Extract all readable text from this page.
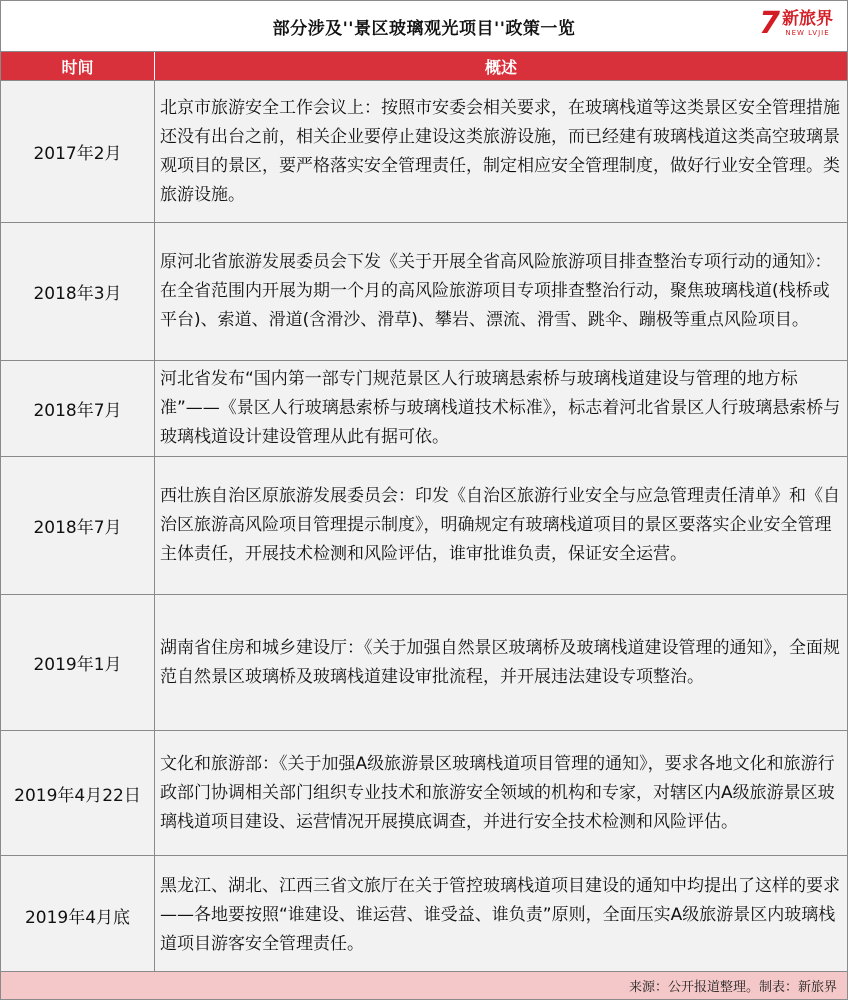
部分涉及''景区玻璃观光项目''政策一览	7 新旅界
NEW LVJIE
时间	概述
2017年2月
北京市旅游安全工作会议上：按照市安委会相关要求，在玻璃栈道等这类景区安全管理措施还没有出台之前，相关企业要停止建设这类旅游设施，而已经建有玻璃栈道这类高空玻璃景观项目的景区，要严格落实安全管理责任，制定相应安全管理制度，做好行业安全管理。类旅游设施。
2018年3月
原河北省旅游发展委员会下发《关于开展全省高风险旅游项目排查整治专项行动的通知》：在全省范围内开展为期一个月的高风险旅游项目专项排查整治行动，聚焦玻璃栈道(栈桥或平台)、索道、滑道(含滑沙、滑草)、攀岩、漂流、滑雪、跳伞、蹦极等重点风险项目。
2018年7月
河北省发布“国内第一部专门规范景区人行玻璃悬索桥与玻璃栈道建设与管理的地方标准”——《景区人行玻璃悬索桥与玻璃栈道技术标准》，标志着河北省景区人行玻璃悬索桥与玻璃栈道设计建设管理从此有据可依。
2018年7月
西壮族自治区原旅游发展委员会：印发《自治区旅游行业安全与应急管理责任清单》和《自治区旅游高风险项目管理提示制度》，明确规定有玻璃栈道项目的景区要落实企业安全管理主体责任，开展技术检测和风险评估，谁审批谁负责，保证安全运营。
2019年1月
湖南省住房和城乡建设厅：《关于加强自然景区玻璃桥及玻璃栈道建设管理的通知》，全面规范自然景区玻璃桥及玻璃栈道建设审批流程，并开展违法建设专项整治。
2019年4月22日
文化和旅游部：《关于加强A级旅游景区玻璃栈道项目管理的通知》，要求各地文化和旅游行政部门协调相关部门组织专业技术和旅游安全领域的机构和专家，对辖区内A级旅游景区玻璃栈道项目建设、运营情况开展摸底调查，并进行安全技术检测和风险评估。
2019年4月底
黑龙江、湖北、江西三省文旅厅在关于管控玻璃栈道项目建设的通知中均提出了这样的要求——各地要按照“谁建设、谁运营、谁受益、谁负责”原则，全面压实A级旅游景区内玻璃栈道项目游客安全管理责任。
来源：公开报道整理。制表：新旅界
